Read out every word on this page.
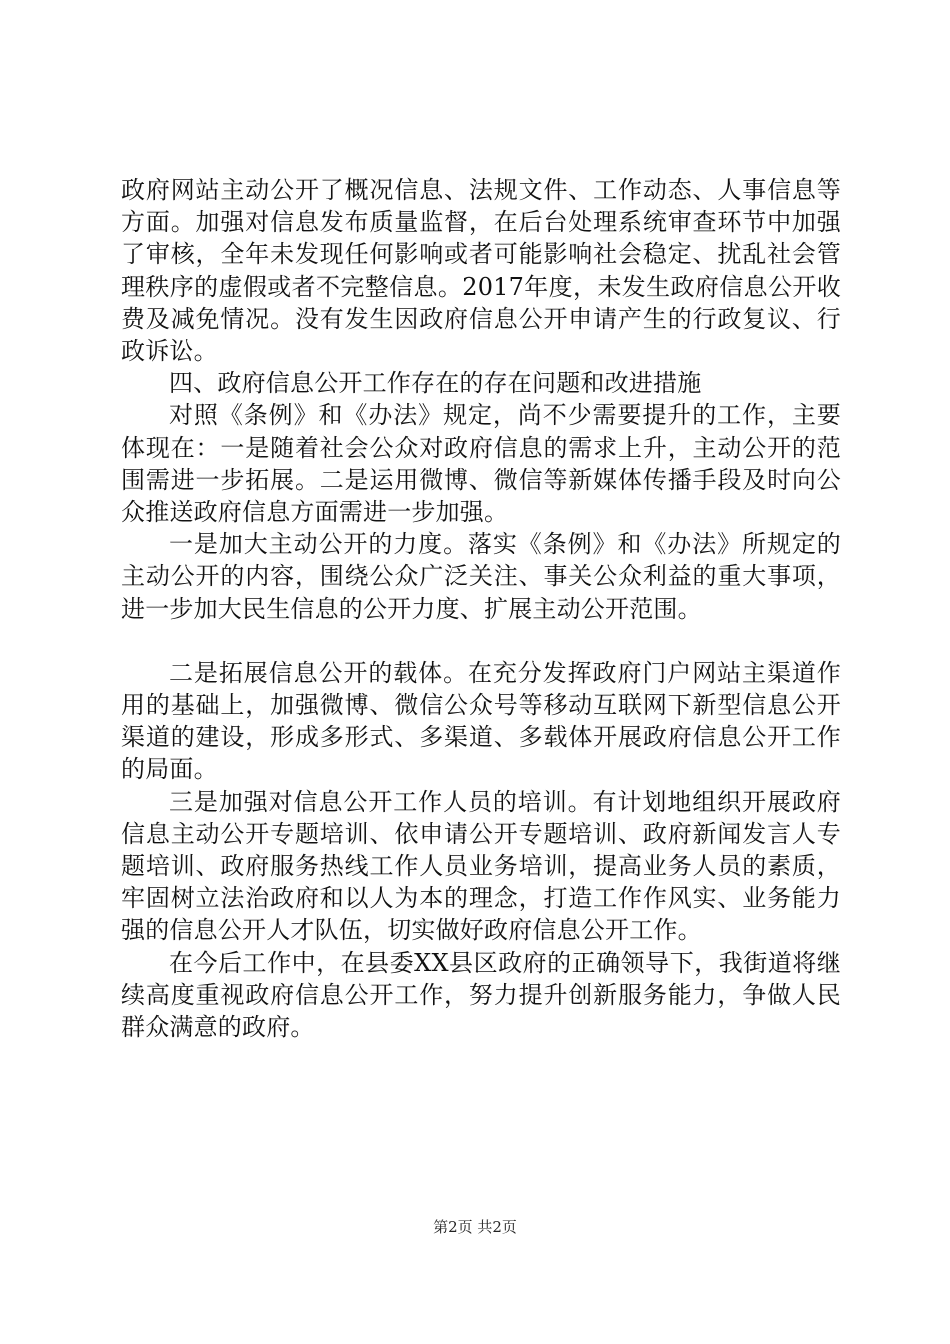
政府网站主动公开了概况信息、法规文件、工作动态、人事信息等方面。加强对信息发布质量监督，在后台处理系统审查环节中加强了审核，全年未发现任何影响或者可能影响社会稳定、扰乱社会管理秩序的虚假或者不完整信息。2017年度，未发生政府信息公开收费及减免情况。没有发生因政府信息公开申请产生的行政复议、行政诉讼。

四、政府信息公开工作存在的存在问题和改进措施

对照《条例》和《办法》规定，尚不少需要提升的工作，主要体现在：一是随着社会公众对政府信息的需求上升，主动公开的范围需进一步拓展。二是运用微博、微信等新媒体传播手段及时向公众推送政府信息方面需进一步加强。

一是加大主动公开的力度。落实《条例》和《办法》所规定的主动公开的内容，围绕公众广泛关注、事关公众利益的重大事项，进一步加大民生信息的公开力度、扩展主动公开范围。

二是拓展信息公开的载体。在充分发挥政府门户网站主渠道作用的基础上，加强微博、微信公众号等移动互联网下新型信息公开渠道的建设，形成多形式、多渠道、多载体开展政府信息公开工作的局面。

三是加强对信息公开工作人员的培训。有计划地组织开展政府信息主动公开专题培训、依申请公开专题培训、政府新闻发言人专题培训、政府服务热线工作人员业务培训，提高业务人员的素质，牢固树立法治政府和以人为本的理念，打造工作作风实、业务能力强的信息公开人才队伍，切实做好政府信息公开工作。

在今后工作中，在县委XX县区政府的正确领导下，我街道将继续高度重视政府信息公开工作，努力提升创新服务能力，争做人民群众满意的政府。

第2页 共2页
